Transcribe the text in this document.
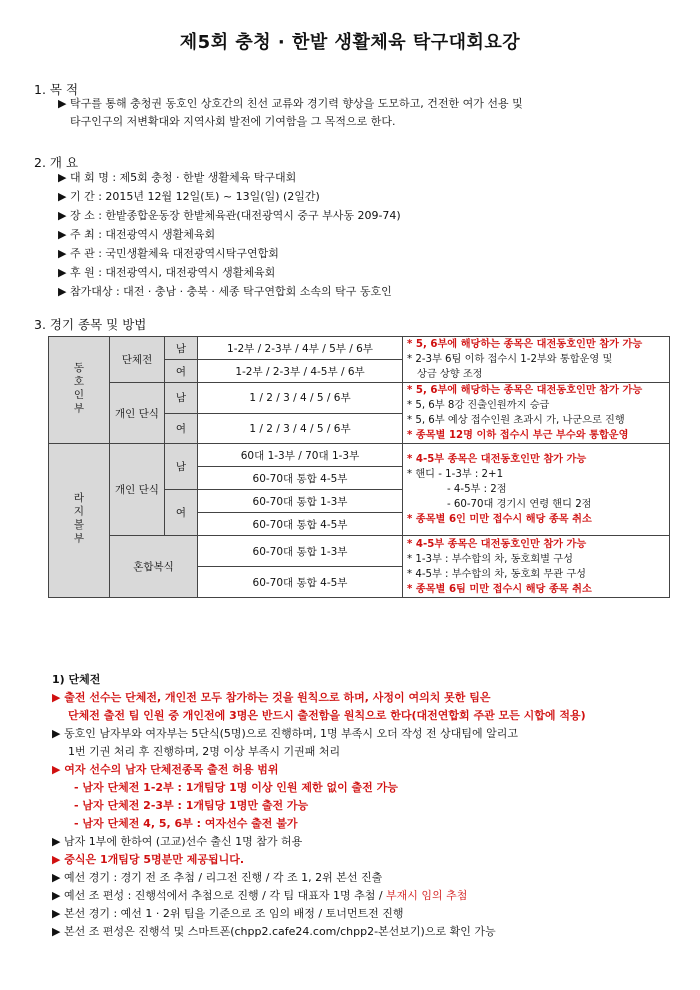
제5회 충청 · 한밭 생활체육 탁구대회요강
1. 목 적
▶ 탁구를 통해 충청권 동호인 상호간의 친선 교류와 경기력 향상을 도모하고, 건전한 여가 선용 및
타구인구의 저변확대와 지역사회 발전에 기여함을 그 목적으로 한다.
2. 개 요
▶ 대 회 명 : 제5회 충청 · 한밭 생활체육 탁구대회
▶ 기 간 : 2015년 12월 12일(토) ~ 13일(일) (2일간)
▶ 장 소 : 한밭종합운동장 한밭체육관(대전광역시 중구 부사동 209-74)
▶ 주 최 : 대전광역시 생활체육회
▶ 주 관 : 국민생활체육 대전광역시탁구연합회
▶ 후 원 : 대전광역시, 대전광역시 생활체육회
▶ 참가대상 : 대전 · 충남 · 충북 · 세종 탁구연합회 소속의 탁구 동호인
3. 경기 종목 및 방법
동호인부	단체전	남	1-2부 / 2-3부 / 4부 / 5부 / 6부	* 5, 6부에 해당하는 종목은 대전동호인만 참가 가능
* 2-3부 6팀 이하 접수시 1-2부와 통합운영 및
상금 상향 조정

		여	1-2부 / 2-3부 / 4-5부 / 6부	
	개인 단식	남	1 / 2 / 3 / 4 / 5 / 6부	* 5, 6부에 해당하는 종목은 대전동호인만 참가 가능
* 5, 6부 8강 진출인원까지 승급
* 5, 6부 예상 접수인원 초과시 가, 나군으로 진행
* 종목별 12명 이하 접수시 부근 부수와 통합운영

		여	1 / 2 / 3 / 4 / 5 / 6부	
라지볼부	개인 단식	남	60대 1-3부 / 70대 1-3부	* 4-5부 종목은 대전동호인만 참가 가능
* 핸디 - 1-3부 : 2+1
- 4-5부 : 2점
- 60-70대 경기시 연령 핸디 2점
* 종목별 6인 미만 접수시 해당 종목 취소

			60-70대 통합 4-5부	
		여	60-70대 통합 1-3부	
			60-70대 통합 4-5부	
	혼합복식		60-70대 통합 1-3부	* 4-5부 종목은 대전동호인만 참가 가능
* 1-3부 : 부수합의 차, 동호회별 구성
* 4-5부 : 부수합의 차, 동호회 무관 구성
* 종목별 6팀 미만 접수시 해당 종목 취소

			60-70대 통합 4-5부	
1) 단체전
▶ 출전 선수는 단체전, 개인전 모두 참가하는 것을 원칙으로 하며, 사정이 여의치 못한 팀은
단체전 출전 팀 인원 중 개인전에 3명은 반드시 출전함을 원칙으로 한다(대전연합회 주관 모든 시합에 적용)
▶ 동호인 남자부와 여자부는 5단식(5명)으로 진행하며, 1명 부족시 오더 작성 전 상대팀에 알리고
1번 기권 처리 후 진행하며, 2명 이상 부족시 기권패 처리
▶ 여자 선수의 남자 단체전종목 출전 허용 범위
- 남자 단체전 1-2부 : 1개팀당 1명 이상 인원 제한 없이 출전 가능
- 남자 단체전 2-3부 : 1개팀당 1명만 출전 가능
- 남자 단체전 4, 5, 6부 : 여자선수 출전 불가
▶ 남자 1부에 한하여 (고교)선수 출신 1명 참가 허용
▶ 중식은 1개팀당 5명분만 제공됩니다.
▶ 예선 경기 : 경기 전 조 추첨 / 리그전 진행 / 각 조 1, 2위 본선 진출
▶ 예선 조 편성 : 진행석에서 추첨으로 진행 / 각 팀 대표자 1명 추첨 / 부재시 임의 추첨
▶ 본선 경기 : 예선 1 · 2위 팀을 기준으로 조 임의 배정 / 토너먼트전 진행
▶ 본선 조 편성은 진행석 및 스마트폰(chpp2.cafe24.com/chpp2-본선보기)으로 확인 가능
